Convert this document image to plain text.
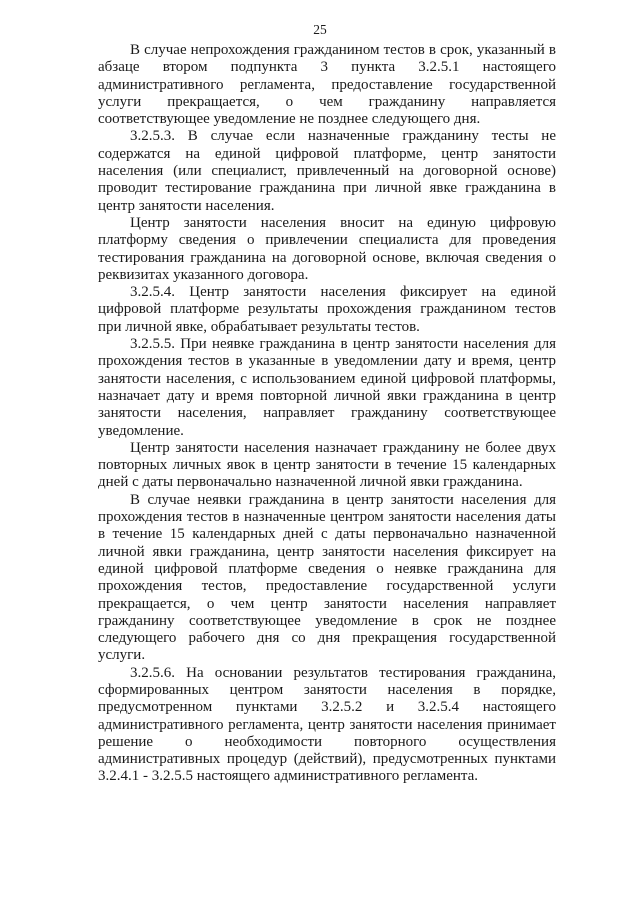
25

В случае непрохождения гражданином тестов в срок, указанный в абзаце втором подпункта 3 пункта 3.2.5.1 настоящего административного регламента, предоставление государственной услуги прекращается, о чем гражданину направляется соответствующее уведомление не позднее следующего дня.

3.2.5.3. В случае если назначенные гражданину тесты не содержатся на единой цифровой платформе, центр занятости населения (или специалист, привлеченный на договорной основе) проводит тестирование гражданина при личной явке гражданина в центр занятости населения.

Центр занятости населения вносит на единую цифровую платформу сведения о привлечении специалиста для проведения тестирования гражданина на договорной основе, включая сведения о реквизитах указанного договора.

3.2.5.4. Центр занятости населения фиксирует на единой цифровой платформе результаты прохождения гражданином тестов при личной явке, обрабатывает результаты тестов.

3.2.5.5. При неявке гражданина в центр занятости населения для прохождения тестов в указанные в уведомлении дату и время, центр занятости населения, с использованием единой цифровой платформы, назначает дату и время повторной личной явки гражданина в центр занятости населения, направляет гражданину соответствующее уведомление.

Центр занятости населения назначает гражданину не более двух повторных личных явок в центр занятости в течение 15 календарных дней с даты первоначально назначенной личной явки гражданина.

В случае неявки гражданина в центр занятости населения для прохождения тестов в назначенные центром занятости населения даты в течение 15 календарных дней с даты первоначально назначенной личной явки гражданина, центр занятости населения фиксирует на единой цифровой платформе сведения о неявке гражданина для прохождения тестов, предоставление государственной услуги прекращается, о чем центр занятости населения направляет гражданину соответствующее уведомление в срок не позднее следующего рабочего дня со дня прекращения государственной услуги.

3.2.5.6. На основании результатов тестирования гражданина, сформированных центром занятости населения в порядке, предусмотренном пунктами 3.2.5.2 и 3.2.5.4 настоящего административного регламента, центр занятости населения принимает решение о необходимости повторного осуществления административных процедур (действий), предусмотренных пунктами 3.2.4.1 - 3.2.5.5 настоящего административного регламента.
